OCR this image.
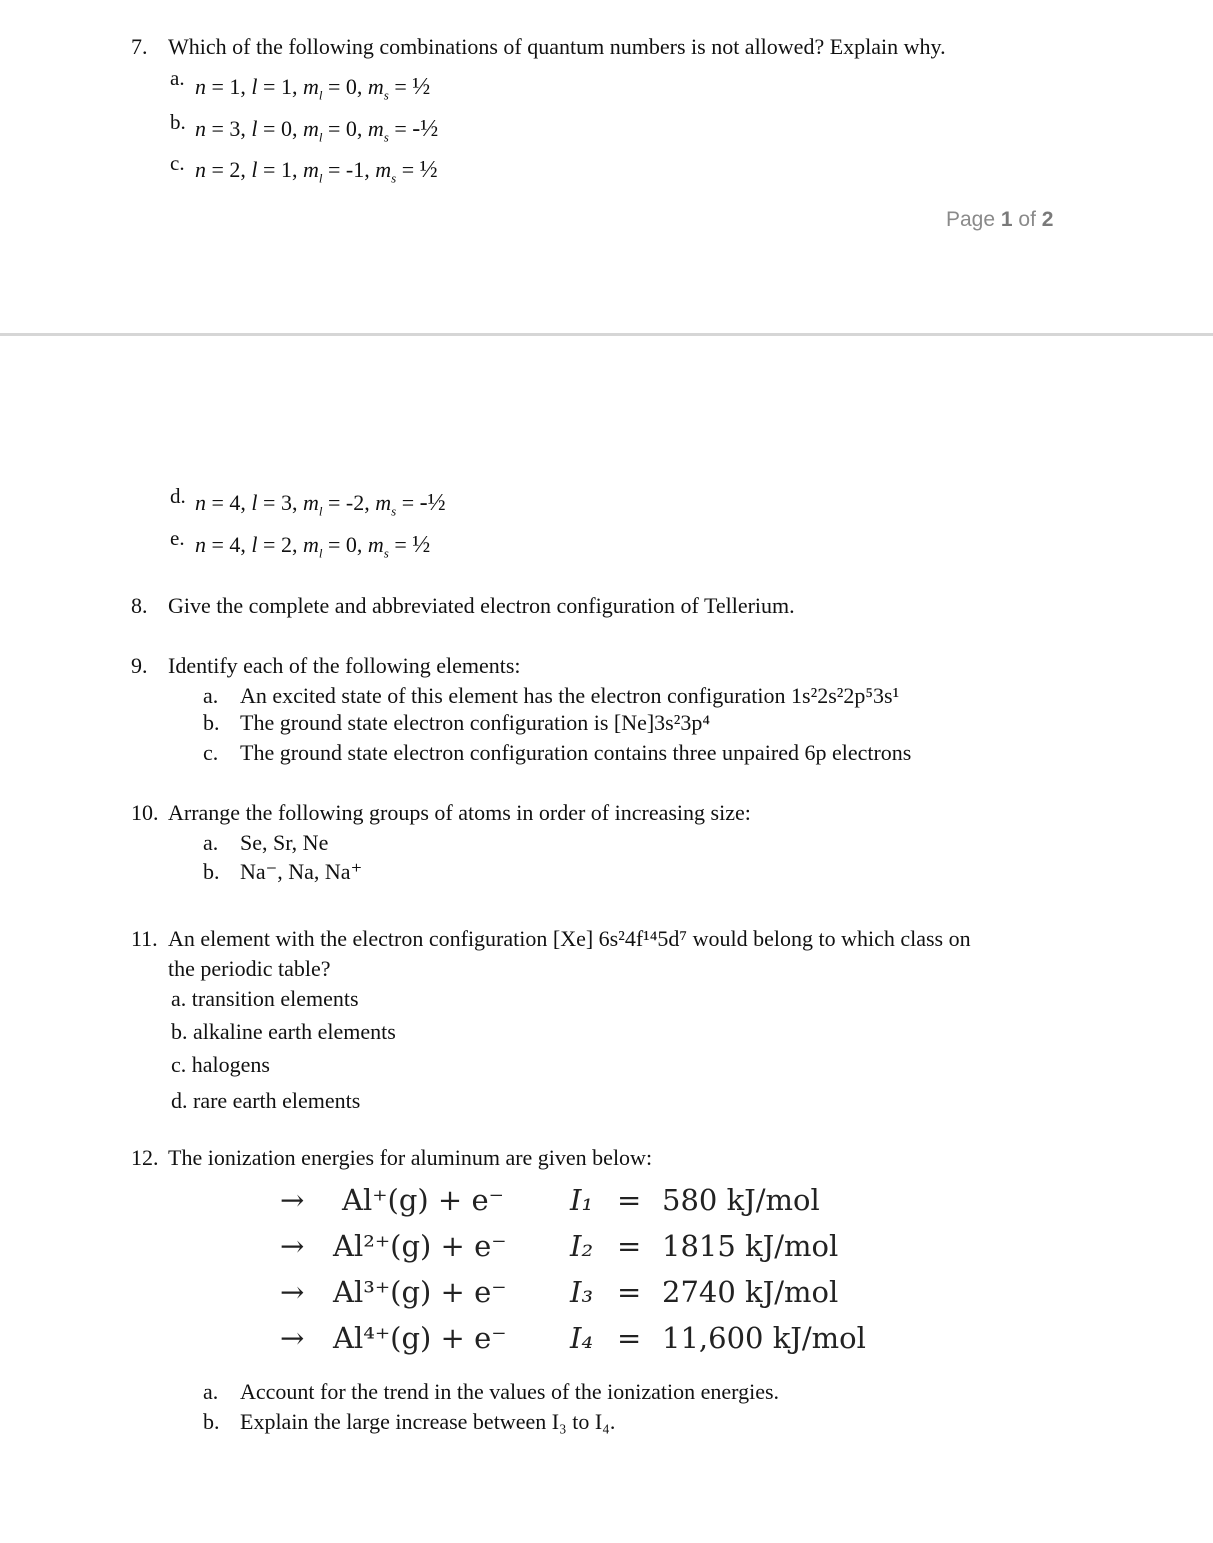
7. Which of the following combinations of quantum numbers is not allowed? Explain why.
a. n = 1, l = 1, $m_l = 0$, $m_s$ = ½
b. n = 3, l = 0, $m_l = 0$, $m_s$ = -½
c. n = 2, l = 1, $m_l = -1$, $m_s$ = ½
Page 1 of 2
d. n = 4, l = 3, $m_l = -2$, $m_s$ = -½
e. n = 4, l = 2, $m_l = 0$, $m_s$ = ½
8. Give the complete and abbreviated electron configuration of Tellerium.
9. Identify each of the following elements:
a. An excited state of this element has the electron configuration 1s²2s²2p⁵3s¹
b. The ground state electron configuration is [Ne]3s²3p⁴
c. The ground state electron configuration contains three unpaired 6p electrons
10. Arrange the following groups of atoms in order of increasing size:
a. Se, Sr, Ne
b. Na⁻, Na, Na⁺
11. An element with the electron configuration [Xe] 6s²4f¹⁴5d⁷ would belong to which class on
the periodic table?
a. transition elements
b. alkaline earth elements
c. halogens
d. rare earth elements
12. The ionization energies for aluminum are given below:
→ Al⁺(g) + e⁻ I₁ = 580 kJ/mol
→ Al²⁺(g) + e⁻ I₂ = 1815 kJ/mol
→ Al³⁺(g) + e⁻ I₃ = 2740 kJ/mol
→ Al⁴⁺(g) + e⁻ I₄ = 11,600 kJ/mol
a. Account for the trend in the values of the ionization energies.
b. Explain the large increase between I₃ to I₄.
